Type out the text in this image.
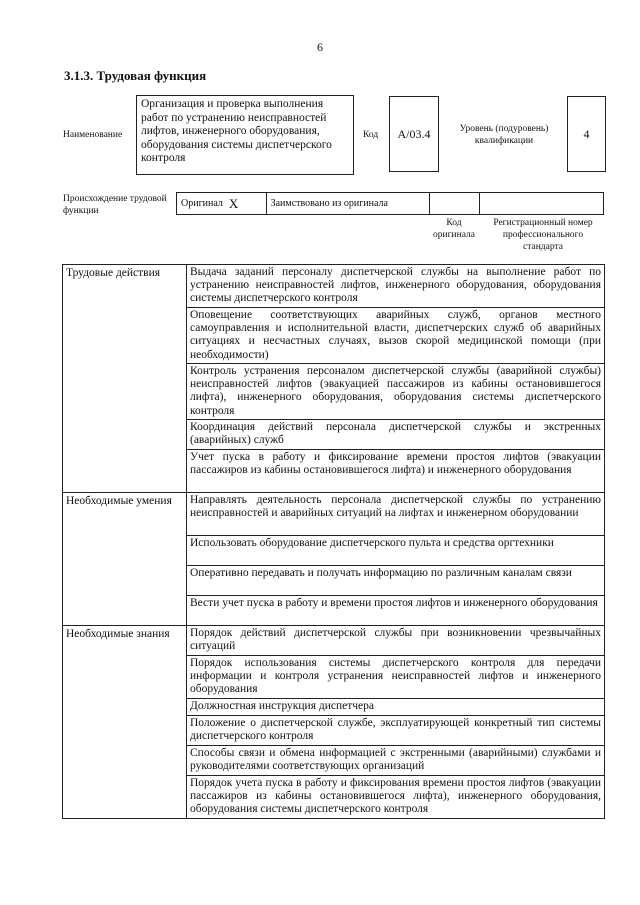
6
3.1.3. Трудовая функция
Наименование
Организация и проверка выполнения работ по устранению неисправностей лифтов, инженерного оборудования, оборудования системы диспетчерского контроля
Код	А/03.4	Уровень (подуровень) квалификации
4
Происхождение трудовой функции
Оригинал X	Заимствовано из оригинала
Код оригинала
Регистрационный номер профессионального стандарта
Трудовые действия	Выдача заданий персоналу диспетчерской службы на выполнение работ по устранению неисправностей лифтов, инженерного оборудования, оборудования системы диспетчерского контроля
	Оповещение соответствующих аварийных служб, органов местного самоуправления и исполнительной власти, диспетчерских служб об аварийных ситуациях и несчастных случаях, вызов скорой медицинской помощи (при необходимости)
	Контроль устранения персоналом диспетчерской службы (аварийной службы) неисправностей лифтов (эвакуацией пассажиров из кабины остановившегося лифта), инженерного оборудования, оборудования системы диспетчерского контроля
	Координация действий персонала диспетчерской службы и экстренных (аварийных) служб
	Учет пуска в работу и фиксирование времени простоя лифтов (эвакуации пассажиров из кабины остановившегося лифта) и инженерного оборудования
Необходимые умения	Направлять деятельность персонала диспетчерской службы по устранению неисправностей и аварийных ситуаций на лифтах и инженерном оборудовании
	Использовать оборудование диспетчерского пульта и средства оргтехники
	Оперативно передавать и получать информацию по различным каналам связи
	Вести учет пуска в работу и времени простоя лифтов и инженерного оборудования
Необходимые знания	Порядок действий диспетчерской службы при возникновении чрезвычайных ситуаций
	Порядок использования системы диспетчерского контроля для передачи информации и контроля устранения неисправностей лифтов и инженерного оборудования
	Должностная инструкция диспетчера
	Положение о диспетчерской службе, эксплуатирующей конкретный тип системы диспетчерского контроля
	Способы связи и обмена информацией с экстренными (аварийными) службами и руководителями соответствующих организаций
	Порядок учета пуска в работу и фиксирования времени простоя лифтов (эвакуации пассажиров из кабины остановившегося лифта), инженерного оборудования, оборудования системы диспетчерского контроля
